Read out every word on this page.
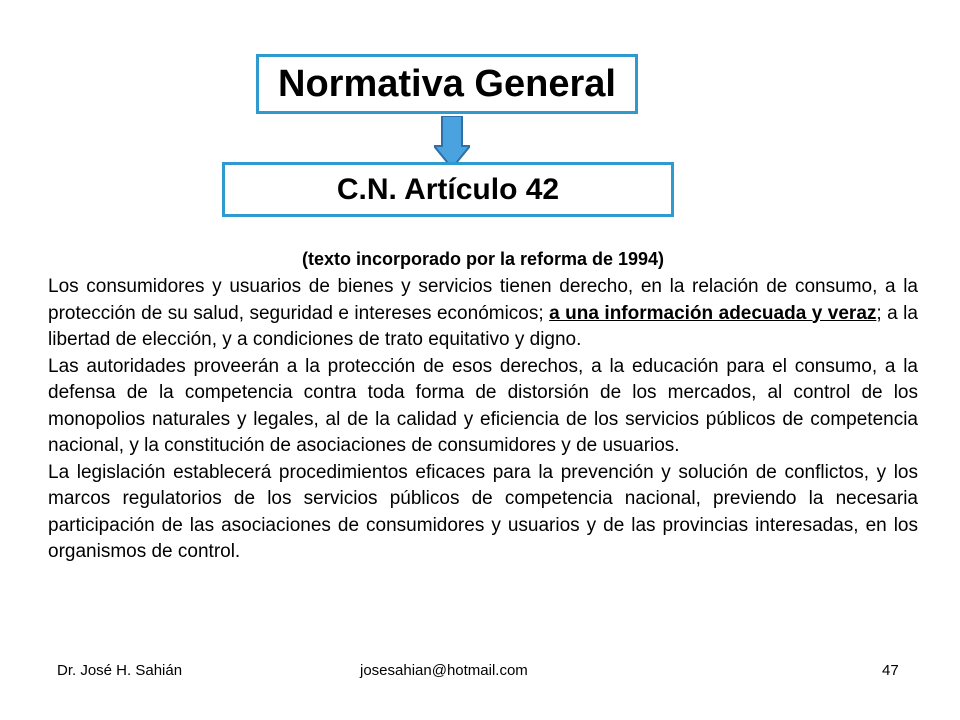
Normativa General
C.N. Artículo 42
(texto incorporado por la reforma de 1994)

Los consumidores y usuarios de bienes y servicios tienen derecho, en la relación de consumo, a la protección de su salud, seguridad e intereses económicos; a una información adecuada y veraz; a la libertad de elección, y a condiciones de trato equitativo y digno.

Las autoridades proveerán a la protección de esos derechos, a la educación para el consumo, a la defensa de la competencia contra toda forma de distorsión de los mercados, al control de los monopolios naturales y legales, al de la calidad y eficiencia de los servicios públicos de competencia nacional, y la constitución de asociaciones de consumidores y de usuarios.

La legislación establecerá procedimientos eficaces para la prevención y solución de conflictos, y los marcos regulatorios de los servicios públicos de competencia nacional, previendo la necesaria participación de las asociaciones de consumidores y usuarios y de las provincias interesadas, en los organismos de control.

Dr. José H. Sahián	josesahian@hotmail.com	47
